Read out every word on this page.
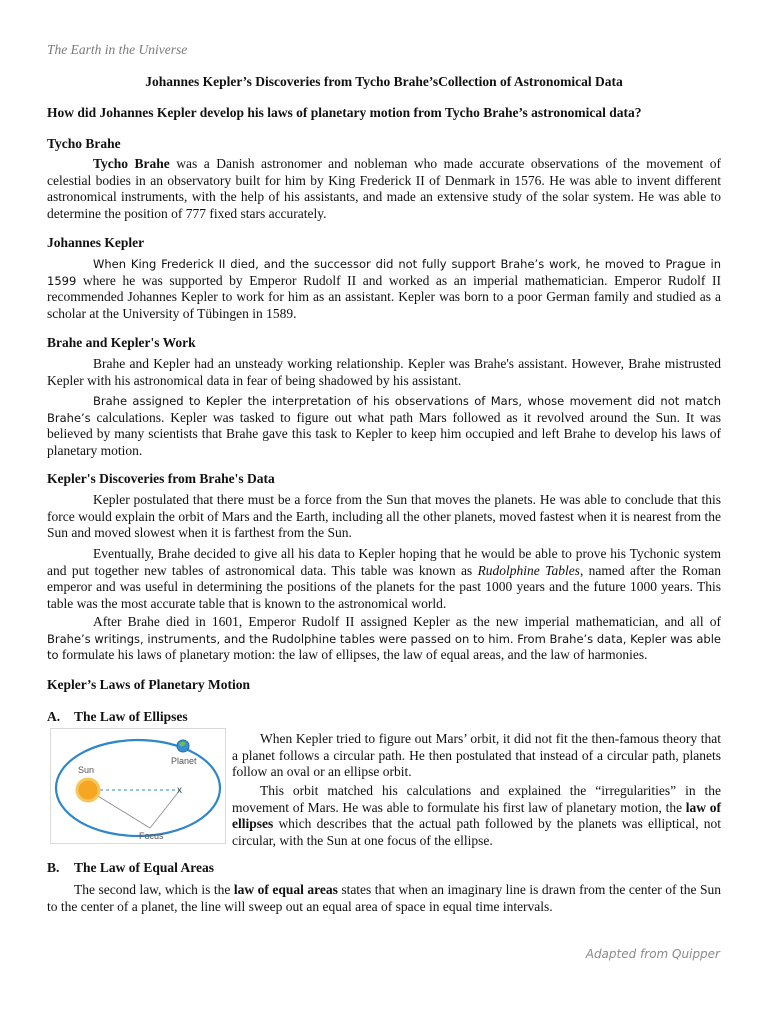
The Earth in the Universe
Johannes Kepler’s Discoveries from Tycho Brahe’sCollection of Astronomical Data
How did Johannes Kepler develop his laws of planetary motion from Tycho Brahe’s astronomical data?
Tycho Brahe

Tycho Brahe was a Danish astronomer and nobleman who made accurate observations of the movement of celestial bodies in an observatory built for him by King Frederick II of Denmark in 1576. He was able to invent different astronomical instruments, with the help of his assistants, and made an extensive study of the solar system. He was able to determine the position of 777 fixed stars accurately.

Johannes Kepler

When King Frederick II died, and the successor did not fully support Brahe’s work, he moved to Prague in 1599 where he was supported by Emperor Rudolf II and worked as an imperial mathematician. Emperor Rudolf II recommended Johannes Kepler to work for him as an assistant. Kepler was born to a poor German family and studied as a scholar at the University of Tübingen in 1589.

Brahe and Kepler's Work

Brahe and Kepler had an unsteady working relationship. Kepler was Brahe's assistant. However, Brahe mistrusted Kepler with his astronomical data in fear of being shadowed by his assistant.

Brahe assigned to Kepler the interpretation of his observations of Mars, whose movement did not match Brahe’s calculations. Kepler was tasked to figure out what path Mars followed as it revolved around the Sun. It was believed by many scientists that Brahe gave this task to Kepler to keep him occupied and left Brahe to develop his laws of planetary motion.

Kepler's Discoveries from Brahe's Data

Kepler postulated that there must be a force from the Sun that moves the planets. He was able to conclude that this force would explain the orbit of Mars and the Earth, including all the other planets, moved fastest when it is nearest from the Sun and moved slowest when it is farthest from the Sun.

Eventually, Brahe decided to give all his data to Kepler hoping that he would be able to prove his Tychonic system and put together new tables of astronomical data. This table was known as Rudolphine Tables, named after the Roman emperor and was useful in determining the positions of the planets for the past 1000 years and the future 1000 years. This table was the most accurate table that is known to the astronomical world.

After Brahe died in 1601, Emperor Rudolf II assigned Kepler as the new imperial mathematician, and all of Brahe’s writings, instruments, and the Rudolphine tables were passed on to him. From Brahe’s data, Kepler was able to formulate his laws of planetary motion: the law of ellipses, the law of equal areas, and the law of harmonies.

Kepler’s Laws of Planetary Motion
A. The Law of Ellipses
Sun
x
Planet
Focus

When Kepler tried to figure out Mars’ orbit, it did not fit the then-famous theory that a planet follows a circular path. He then postulated that instead of a circular path, planets follow an oval or an ellipse orbit.

This orbit matched his calculations and explained the “irregularities” in the movement of Mars. He was able to formulate his first law of planetary motion, the law of ellipses which describes that the actual path followed by the planets was elliptical, not circular, with the Sun at one focus of the ellipse.

B. The Law of Equal Areas

The second law, which is the law of equal areas states that when an imaginary line is drawn from the center of the Sun to the center of a planet, the line will sweep out an equal area of space in equal time intervals.

Adapted from Quipper
